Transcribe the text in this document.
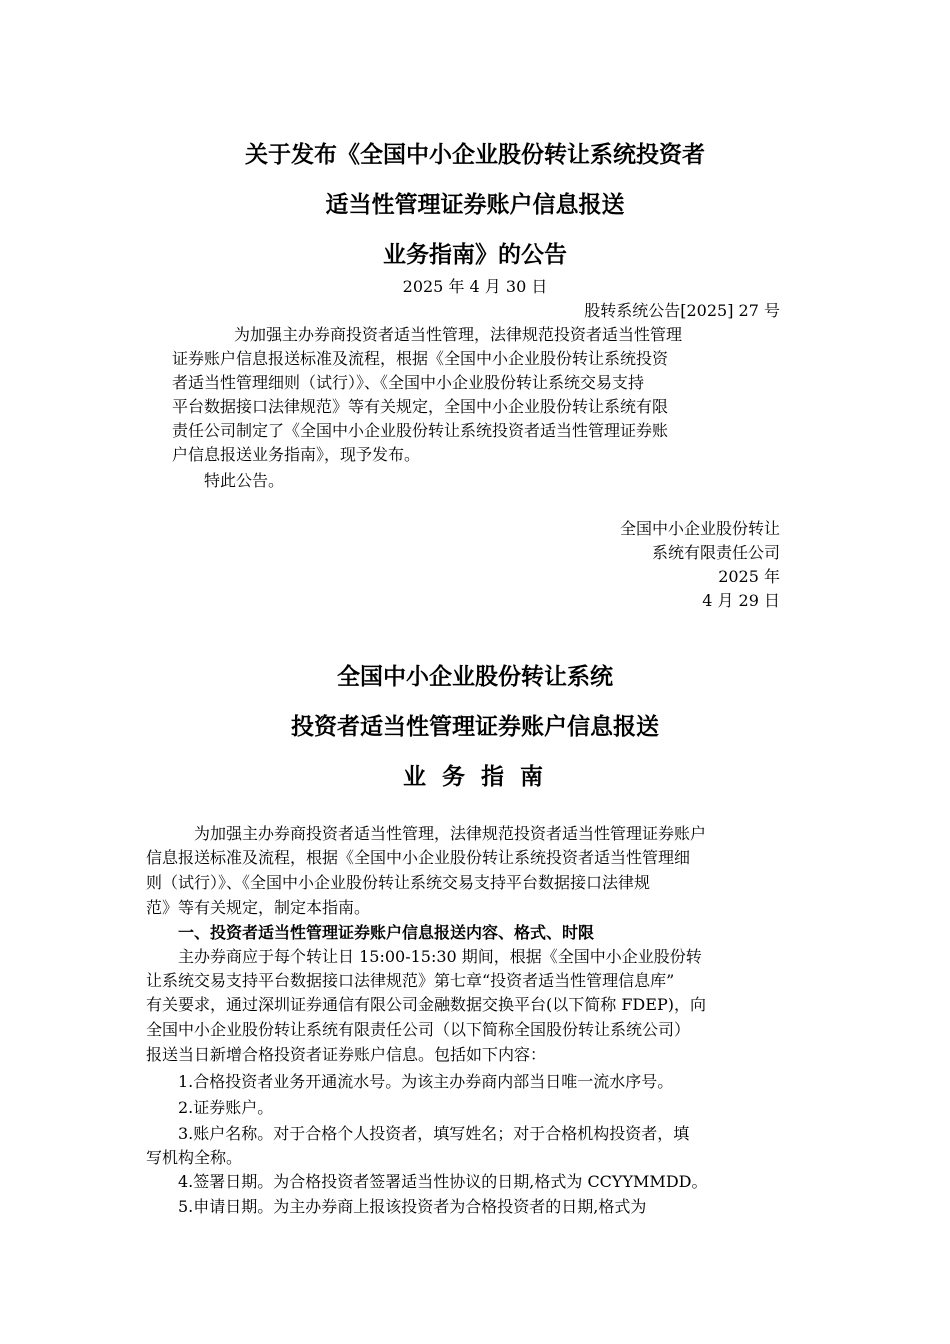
关于发布《全国中小企业股份转让系统投资者
适当性管理证券账户信息报送
业务指南》的公告
2025 年 4 月 30 日
股转系统公告[2025] 27 号
为加强主办券商投资者适当性管理，法律规范投资者适当性管理
证券账户信息报送标准及流程，根据《全国中小企业股份转让系统投资
者适当性管理细则（试行）》、《全国中小企业股份转让系统交易支持
平台数据接口法律规范》等有关规定，全国中小企业股份转让系统有限
责任公司制定了《全国中小企业股份转让系统投资者适当性管理证券账
户信息报送业务指南》，现予发布。
特此公告。
全国中小企业股份转让
系统有限责任公司
2025 年
4 月 29 日
全国中小企业股份转让系统
投资者适当性管理证券账户信息报送
业 务 指 南
为加强主办券商投资者适当性管理，法律规范投资者适当性管理证券账户
信息报送标准及流程，根据《全国中小企业股份转让系统投资者适当性管理细
则（试行）》、《全国中小企业股份转让系统交易支持平台数据接口法律规
范》等有关规定，制定本指南。
一、投资者适当性管理证券账户信息报送内容、格式、时限
主办券商应于每个转让日 15:00-15:30 期间，根据《全国中小企业股份转
让系统交易支持平台数据接口法律规范》第七章“投资者适当性管理信息库”
有关要求，通过深圳证券通信有限公司金融数据交换平台(以下简称 FDEP)，向
全国中小企业股份转让系统有限责任公司（以下简称全国股份转让系统公司）
报送当日新增合格投资者证券账户信息。包括如下内容：
1.合格投资者业务开通流水号。为该主办券商内部当日唯一流水序号。
2.证券账户。
3.账户名称。对于合格个人投资者，填写姓名；对于合格机构投资者，填
写机构全称。
4.签署日期。为合格投资者签署适当性协议的日期,格式为 CCYYMMDD。
5.申请日期。为主办券商上报该投资者为合格投资者的日期,格式为
